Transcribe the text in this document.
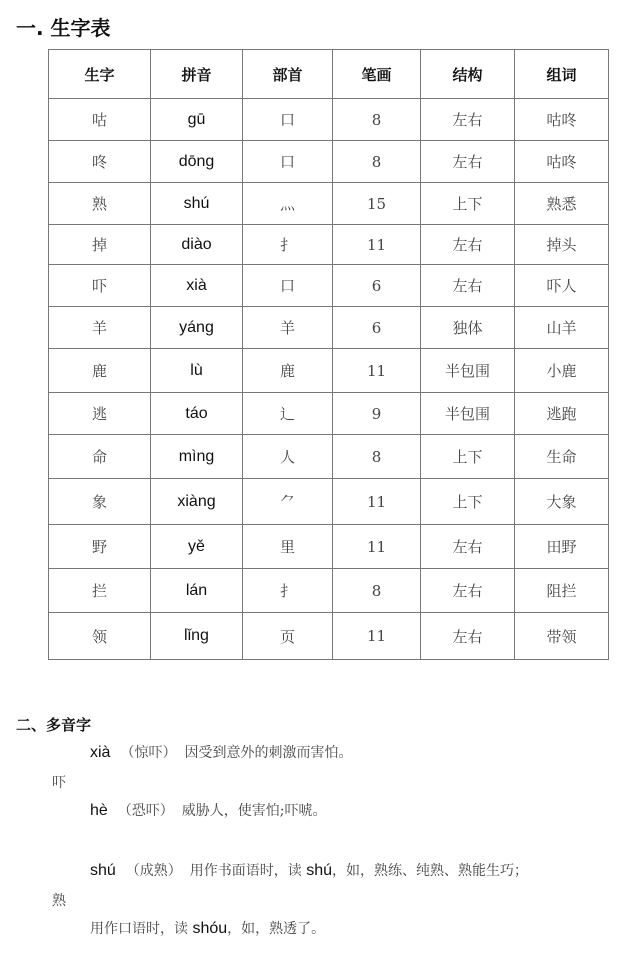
一. 生字表
生字	拼音	部首	笔画	结构	组词
咕	gū	口	8	左右	咕咚
咚	dōng	口	8	左右	咕咚
熟	shú	灬	15	上下	熟悉
掉	diào	扌	11	左右	掉头
吓	xià	口	6	左右	吓人
羊	yáng	羊	6	独体	山羊
鹿	lù	鹿	11	半包围	小鹿
逃	táo	辶	9	半包围	逃跑
命	mìng	人	8	上下	生命
象	xiàng	⺈	11	上下	大象
野	yě	里	11	左右	田野
拦	lán	扌	8	左右	阻拦
领	lǐng	页	11	左右	带领
二、多音字
xià （惊吓） 因受到意外的刺激而害怕。
吓
hè （恐吓） 威胁人，使害怕;吓唬。
shú （成熟） 用作书面语时，读 shú，如，熟练、纯熟、熟能生巧；
熟
用作口语时，读 shóu，如，熟透了。
